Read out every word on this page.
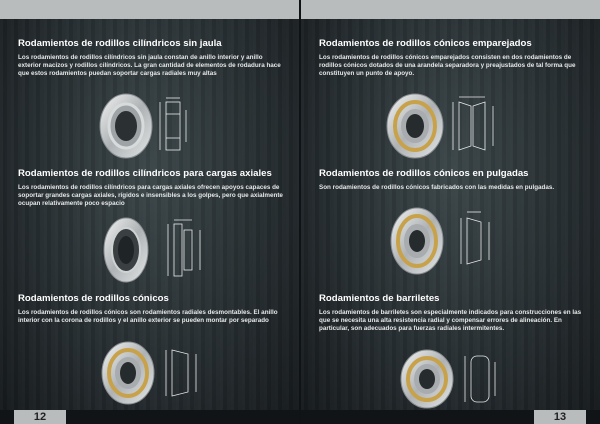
Rodamientos de rodillos cilíndricos sin jaula

Los rodamientos de rodillos cilíndricos sin jaula constan de anillo interior y anillo exterior macizos y rodillos cilíndricos. La gran cantidad de elementos de rodadura hace que estos rodamientos puedan soportar cargas radiales muy altas

Rodamientos de rodillos cilíndricos para cargas axiales

Los rodamientos de rodillos cilíndricos para cargas axiales ofrecen apoyos capaces de soportar grandes cargas axiales, rígidos e insensibles a los golpes, pero que axialmente ocupan relativamente poco espacio

Rodamientos de rodillos cónicos

Los rodamientos de rodillos cónicos son rodamientos radiales desmontables. El anillo interior con la corona de rodillos y el anillo exterior se pueden montar por separado

12
Rodamientos de rodillos cónicos emparejados

Los rodamientos de rodillos cónicos emparejados consisten en dos rodamientos de rodillos cónicos dotados de una arandela separadora y preajustados de tal forma que constituyen un punto de apoyo.

Rodamientos de rodillos cónicos en pulgadas

Son rodamientos de rodillos cónicos fabricados con las medidas en pulgadas.

Rodamientos de barriletes

Los rodamientos de barriletes son especialmente indicados para construcciones en las que se necesita una alta resistencia radial y compensar errores de alineación. En particular, son adecuados para fuerzas radiales intermitentes.

13
